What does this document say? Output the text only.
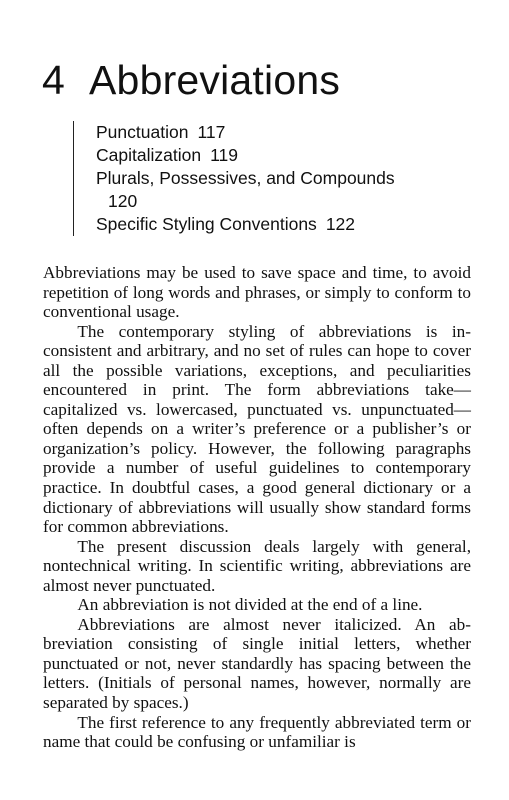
4 Abbreviations
Punctuation 117
Capitalization 119
Plurals, Possessives, and Compounds
120
Specific Styling Conventions 122

Abbreviations may be used to save space and time, to avoid repetition of long words and phrases, or simply to conform to conventional usage.

The contemporary styling of abbreviations is inconsistent and arbitrary, and no set of rules can hope to cover all the possible variations, exceptions, and peculiarities encountered in print. The form abbreviations take—capitalized vs. lowercased, punctuated vs. unpunctuated—often depends on a writer’s preference or a publisher’s or organization’s policy. However, the following paragraphs provide a number of useful guidelines to contemporary practice. In doubtful cases, a good general dictionary or a dictionary of abbreviations will usually show standard forms for common abbreviations.

The present discussion deals largely with general, nontechnical writing. In scientific writing, abbreviations are almost never punctuated.

An abbreviation is not divided at the end of a line.

Abbreviations are almost never italicized. An abbreviation consisting of single initial letters, whether punctuated or not, never standardly has spacing between the letters. (Initials of personal names, however, normally are separated by spaces.)

The first reference to any frequently abbreviated term or name that could be confusing or unfamiliar is
